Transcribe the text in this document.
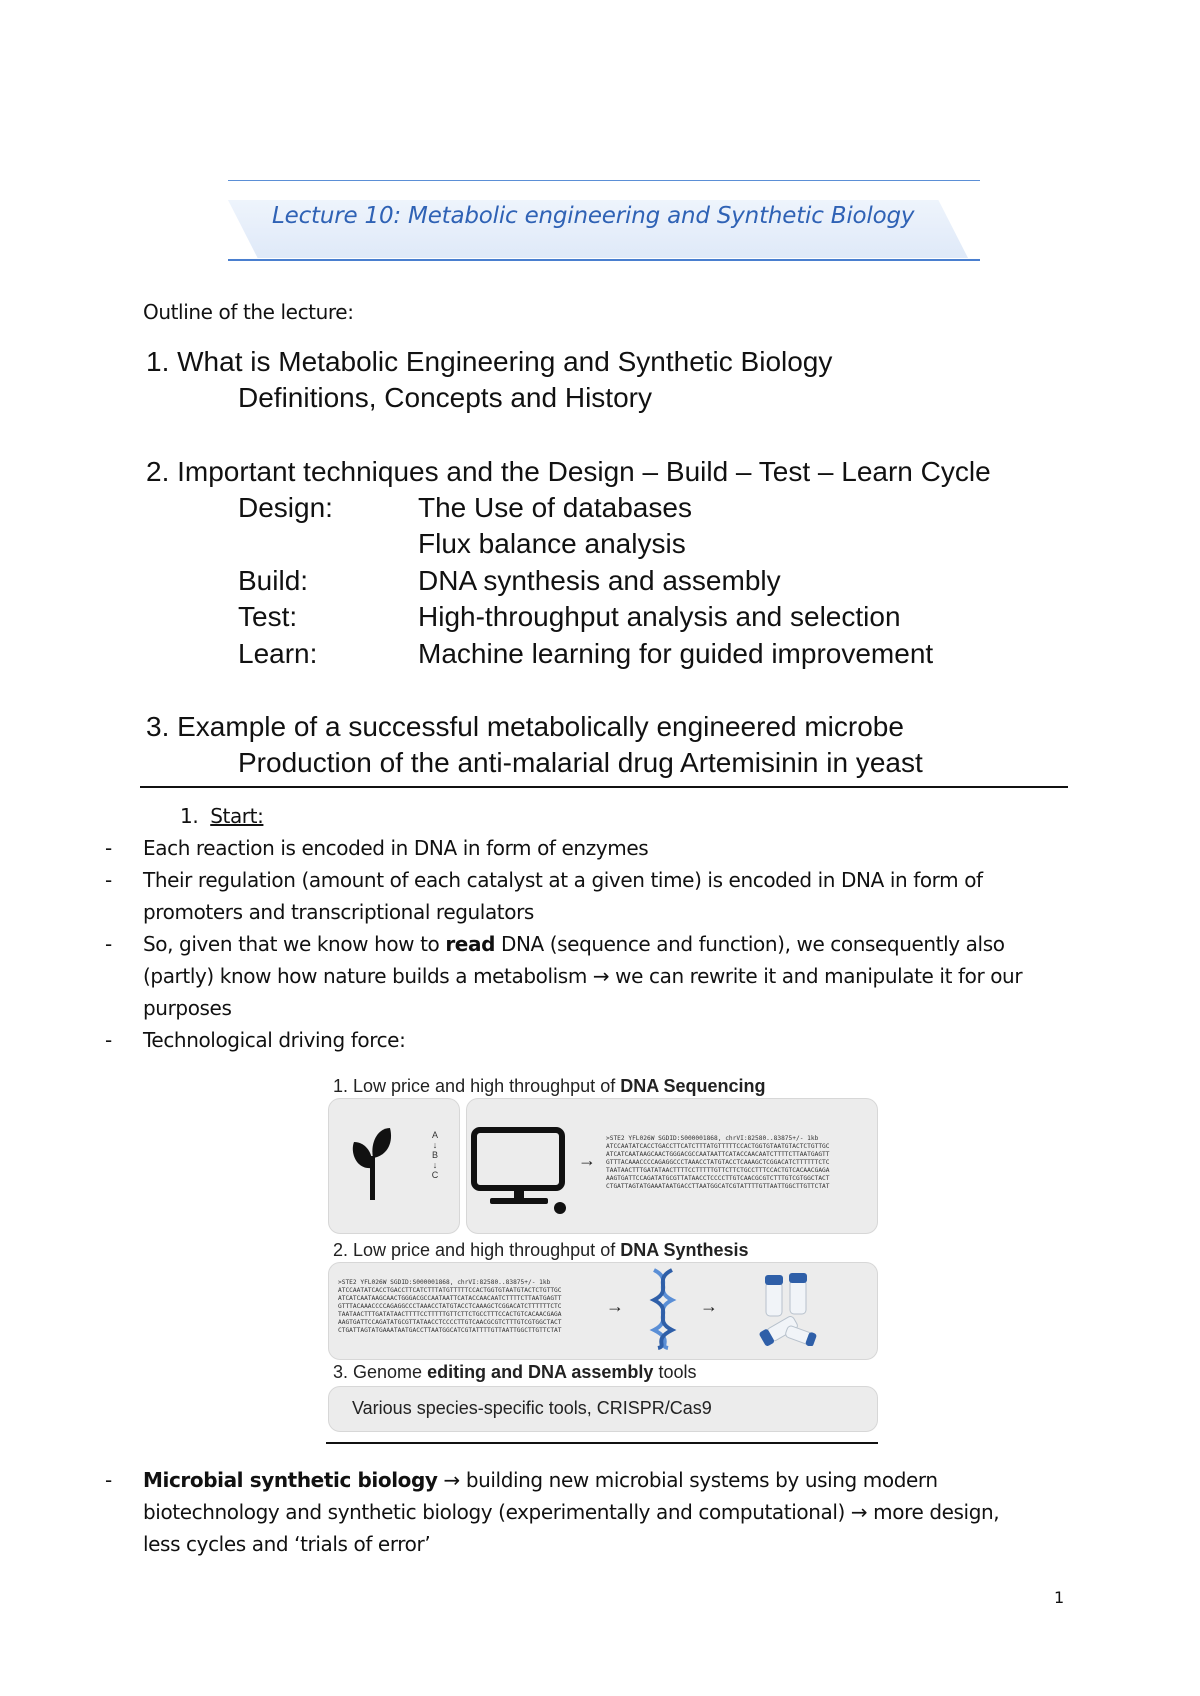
Lecture 10: Metabolic engineering and Synthetic Biology
Outline of the lecture:
1. What is Metabolic Engineering and Synthetic Biology
Definitions, Concepts and History
2. Important techniques and the Design – Build – Test – Learn Cycle
Design:	The Use of databases
Flux balance analysis
Build:	DNA synthesis and assembly
Test:	High-throughput analysis and selection
Learn:	Machine learning for guided improvement
3. Example of a successful metabolically engineered microbe
Production of the anti-malarial drug Artemisinin in yeast
1. Start:
- Each reaction is encoded in DNA in form of enzymes
- Their regulation (amount of each catalyst at a given time) is encoded in DNA in form of
promoters and transcriptional regulators
- So, given that we know how to read DNA (sequence and function), we consequently also
(partly) know how nature builds a metabolism → we can rewrite it and manipulate it for our
purposes
- Technological driving force:
1. Low price and high throughput of DNA Sequencing
A
↓
B
↓
C
→
>STE2 YFL026W SGDID:S000001868, chrVI:82580..83875+/- 1kb
ATCCAATATCACCTGACCTTCATCTTTATGTTTTTCCACTGGTGTAATGTACTCTGTTGC
ATCATCAATAAGCAACTGGGACGCCAATAATTCATACCAACAATCTTTTCTTAATGAGTT
GTTTACAAACCCCAGAGGCCCTAAACCTATGTACCTCAAAGCTCGGACATCTTTTTTCTC
TAATAACTTTGATATAACTTTTCCTTTTTGTTCTTCTGCCTTTCCACTGTCACAACGAGA
AAGTGATTCCAGATATGCGTTATAACCTCCCCTTGTCAACGCGTCTTTGTCGTGGCTACT
CTGATTAGTATGAAATAATGACCTTAATGGCATCGTATTTTGTTAATTGGCTTGTTCTAT
2. Low price and high throughput of DNA Synthesis
>STE2 YFL026W SGDID:S000001868, chrVI:82580..83875+/- 1kb
ATCCAATATCACCTGACCTTCATCTTTATGTTTTTCCACTGGTGTAATGTACTCTGTTGC
ATCATCAATAAGCAACTGGGACGCCAATAATTCATACCAACAATCTTTTCTTAATGAGTT
GTTTACAAACCCCAGAGGCCCTAAACCTATGTACCTCAAAGCTCGGACATCTTTTTTCTC
TAATAACTTTGATATAACTTTTCCTTTTTGTTCTTCTGCCTTTCCACTGTCACAACGAGA
AAGTGATTCCAGATATGCGTTATAACCTCCCCTTGTCAACGCGTCTTTGTCGTGGCTACT
CTGATTAGTATGAAATAATGACCTTAATGGCATCGTATTTTGTTAATTGGCTTGTTCTAT
→	→
3. Genome editing and DNA assembly tools
Various species-specific tools, CRISPR/Cas9
- Microbial synthetic biology → building new microbial systems by using modern
biotechnology and synthetic biology (experimentally and computational) → more design,
less cycles and ‘trials of error’
1
